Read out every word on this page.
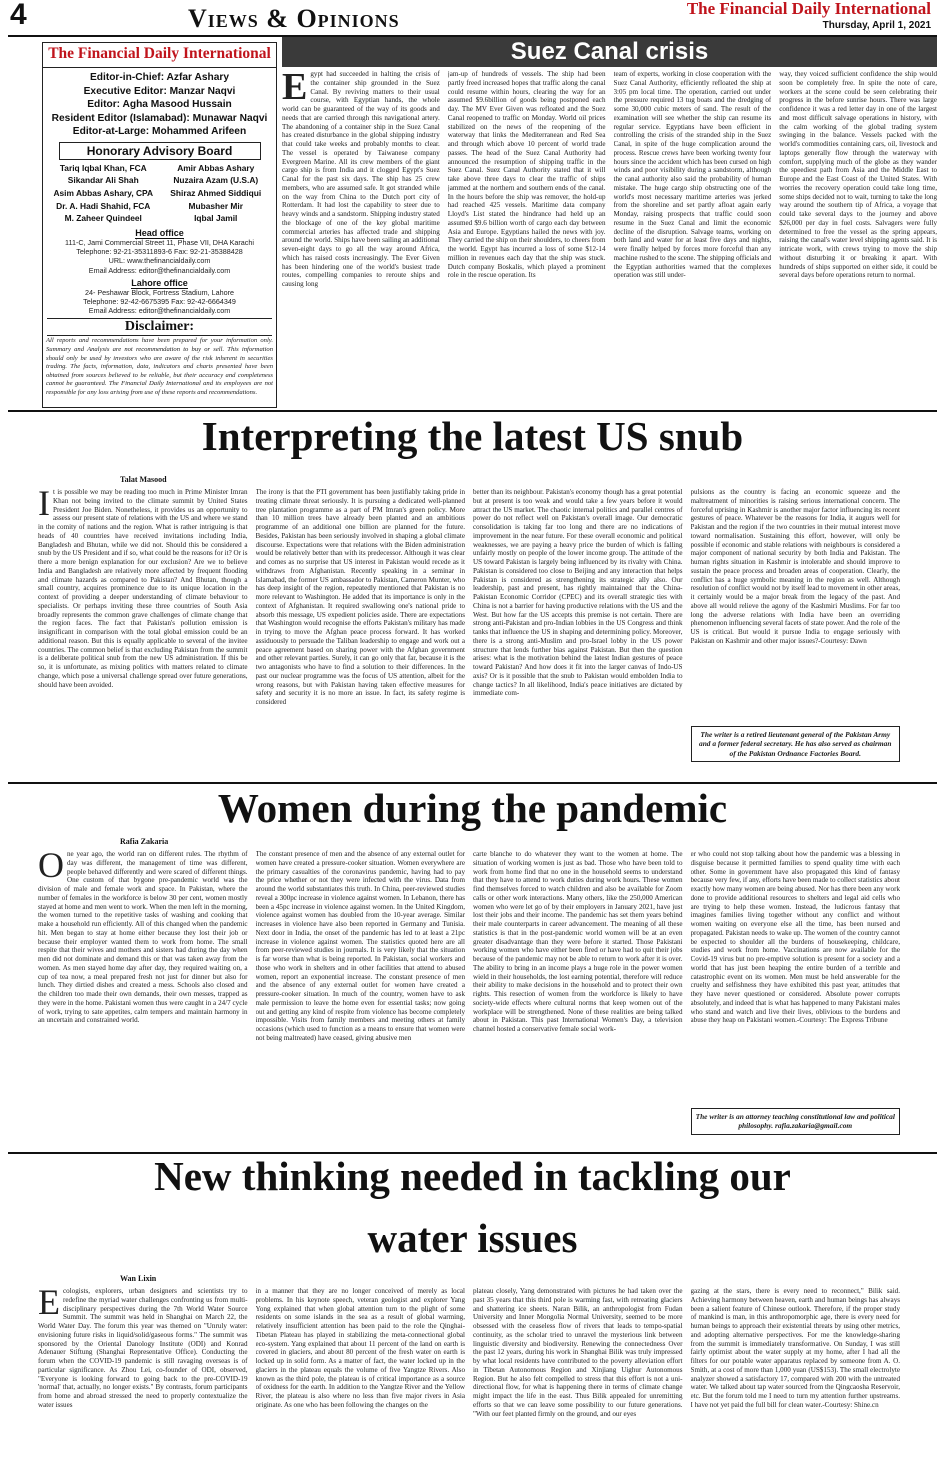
4	Views & Opinions	The Financial Daily International
Thursday, April 1, 2021
The Financial Daily International
Editor-in-Chief: Azfar Ashary
Executive Editor: Manzar Naqvi
Editor: Agha Masood Hussain
Resident Editor (Islamabad): Munawar Naqvi
Editor-at-Large: Mohammed Arifeen
Honorary Advisory Board
Tariq Iqbal Khan, FCA
Sikandar Ali Shah
Asim Abbas Ashary, CPA
Dr. A. Hadi Shahid, FCA
M. Zaheer Quindeel
Amir Abbas Ashary
Nuzaira Azam (U.S.A)
Shiraz Ahmed Siddiqui
Mubasher Mir
Iqbal Jamil
Head office
111-C, Jami Commercial Street 11, Phase VII, DHA Karachi
Telephone: 92-21-35311893-6 Fax: 92-21-35388428
URL: www.thefinancialdaily.com
Email Address: editor@thefinancialdaily.com
Lahore office
24- Peshawar Block, Fortress Stadium, Lahore
Telephone: 92-42-6675395 Fax: 92-42-6664349
Email Address: editor@thefinancialdaily.com
Disclaimer:
All reports and recommendations have been prepared for your information only. Summary and Analysis are not recommendation to buy or sell. This information should only be used by investors who are aware of the risk inherent in securities trading. The facts, information, data, indicators and charts presented have been obtained from sources believed to be reliable, but their accuracy and completeness cannot be guaranteed. The Financial Daily International and its employees are not responsible for any loss arising from use of these reports and recommendations.
Suez Canal crisis
Egypt had succeeded in halting the crisis of the container ship grounded in the Suez Canal. By reviving matters to their usual course, with Egyptian hands, the whole world can be guaranteed of the way of its goods and needs that are carried through this navigational artery. The abandoning of a container ship in the Suez Canal has created disturbance in the global shipping industry that could take weeks and probably months to clear. The vessel is operated by Taiwanese company Evergreen Marine. All its crew members of the giant cargo ship is from India and it clogged Egypt's Suez Canal for the past six days. The ship has 25 crew members, who are assumed safe. It got stranded while on the way from China to the Dutch port city of Rotterdam. It had lost the capability to steer due to heavy winds and a sandstorm. Shipping industry stated the blockage of one of the key global maritime commercial arteries has affected trade and shipping around the world. Ships have been sailing an additional seven-eight days to go all the way around Africa, which has raised costs increasingly. The Ever Given has been hindering one of the world's busiest trade routes, compelling companies to reroute ships and causing long
jam-up of hundreds of vessels. The ship had been partly freed increased hopes that traffic along the canal could resume within hours, clearing the way for an assumed $9.6billion of goods being postponed each day. The MV Ever Given was refloated and the Suez Canal reopened to traffic on Monday. World oil prices stabilized on the news of the reopening of the waterway that links the Mediterranean and Red Sea and through which above 10 percent of world trade passes. The head of the Suez Canal Authority had announced the resumption of shipping traffic in the Suez Canal. Suez Canal Authority stated that it will take above three days to clear the traffic of ships jammed at the northern and southern ends of the canal. In the hours before the ship was remover, the hold-up had reached 425 vessels. Maritime data company Lloyd's List stated the hindrance had held up an assumed $9.6 billion worth of cargo each day between Asia and Europe. Egyptians hailed the news with joy. They carried the ship on their shoulders, to cheers from the world. Egypt has incurred a loss of some $12-14 million in revenues each day that the ship was stuck. Dutch company Boskalis, which played a prominent role in the rescue operation. Its
team of experts, working in close cooperation with the Suez Canal Authority, efficiently refloated the ship at 3:05 pm local time. The operation, carried out under the pressure required 13 tug boats and the dredging of some 30,000 cubic meters of sand. The result of the examination will see whether the ship can resume its regular service. Egyptians have been efficient in controlling the crisis of the stranded ship in the Suez Canal, in spite of the huge complication around the process. Rescue crews have been working twenty four hours since the accident which has been cursed on high winds and poor visibility during a sandstorm, although the canal authority also said the probability of human mistake. The huge cargo ship obstructing one of the world's most necessary maritime arteries was jerked from the shoreline and set partly afloat again early Monday, raising prospects that traffic could soon resume in the Suez Canal and limit the economic decline of the disruption. Salvage teams, working on both land and water for at least five days and nights, were finally helped by forces more forceful than any machine rushed to the scene. The shipping officials and the Egyptian authorities warned that the complexes operation was still under-
way, they voiced sufficient confidence the ship would soon be completely free. In spite the note of care, workers at the scene could be seen celebrating their progress in the before sunrise hours. There was large confidence it was a red letter day in one of the largest and most difficult salvage operations in history, with the calm working of the global trading system swinging in the balance. Vessels packed with the world's commodities containing cars, oil, livestock and laptops generally flow through the waterway with comfort, supplying much of the globe as they wander the speediest path from Asia and the Middle East to Europe and the East Coast of the United States. With worries the recovery operation could take long time, some ships decided not to wait, turning to take the long way around the southern tip of Africa, a voyage that could take several days to the journey and above $26,000 per day in fuel costs. Salvagers were fully determined to free the vessel as the spring appears, raising the canal's water level shipping agents said. It is intricate work, with crews trying to move the ship without disturbing it or breaking it apart. With hundreds of ships supported on either side, it could be several days before operations return to normal.
Interpreting the latest US snub
Talat Masood
It is possible we may be reading too much in Prime Minister Imran Khan not being invited to the climate summit by United States President Joe Biden. Nonetheless, it provides us an opportunity to assess our present state of relations with the US and where we stand in the comity of nations and the region. What is rather intriguing is that heads of 40 countries have received invitations including India, Bangladesh and Bhutan, while we did not. Should this be considered a snub by the US President and if so, what could be the reasons for it? Or is there a more benign explanation for our exclusion? Are we to believe India and Bangladesh are relatively more affected by frequent flooding and climate hazards as compared to Pakistan? And Bhutan, though a small country, acquires prominence due to its unique location in the context of providing a deeper understanding of climate behaviour to specialists. Or perhaps inviting these three countries of South Asia broadly represents the common grave challenges of climate change that the region faces. The fact that Pakistan's pollution emission is insignificant in comparison with the total global emission could be an additional reason. But this is equally applicable to several of the invitee countries. The common belief is that excluding Pakistan from the summit is a deliberate political snub from the new US administration. If this be so, it is unfortunate, as mixing politics with matters related to climate change, which pose a universal challenge spread over future generations, should have been avoided.
The irony is that the PTI government has been justifiably taking pride in treating climate threat seriously. It is pursuing a dedicated well-planned tree plantation programme as a part of PM Imran's green policy. More than 10 million trees have already been planted and an ambitious programme of an additional one billion are planned for the future. Besides, Pakistan has been seriously involved in shaping a global climate discourse. Expectations were that relations with the Biden administration would be relatively better than with its predecessor. Although it was clear and comes as no surprise that US interest in Pakistan would recede as it withdraws from Afghanistan. Recently speaking in a seminar in Islamabad, the former US ambassador to Pakistan, Cameron Munter, who has deep insight of the region, repeatedly mentioned that Pakistan is no more relevant to Washington. He added that its importance is only in the context of Afghanistan. It required swallowing one's national pride to absorb this message, US expedient policies aside. There are expectations that Washington would recognise the efforts Pakistan's military has made in trying to move the Afghan peace process forward. It has worked assiduously to persuade the Taliban leadership to engage and work out a peace agreement based on sharing power with the Afghan government and other relevant parties. Surely, it can go only that far, because it is the two antagonists who have to find a solution to their differences. In the past our nuclear programme was the focus of US attention, albeit for the wrong reasons, but with Pakistan having taken effective measures for safety and security it is no more an issue. In fact, its safety regime is considered
better than its neighbour. Pakistan's economy though has a great potential but at present is too weak and would take a few years before it would attract the US market. The chaotic internal politics and parallel centres of power do not reflect well on Pakistan's overall image. Our democratic consolidation is taking far too long and there are no indications of improvement in the near future. For these overall economic and political weaknesses, we are paying a heavy price the burden of which is falling unfairly mostly on people of the lower income group. The attitude of the US toward Pakistan is largely being influenced by its rivalry with China. Pakistan is considered too close to Beijing and any interaction that helps Pakistan is considered as strengthening its strategic ally also. Our leadership, past and present, has rightly maintained that the China-Pakistan Economic Corridor (CPEC) and its overall strategic ties with China is not a barrier for having productive relations with the US and the West. But how far the US accepts this premise is not certain. There are strong anti-Pakistan and pro-Indian lobbies in the US Congress and think tanks that influence the US in shaping and determining policy. Moreover, there is a strong anti-Muslim and pro-Israel lobby in the US power structure that lends further bias against Pakistan. But then the question arises: what is the motivation behind the latest Indian gestures of peace toward Pakistan? And how does it fit into the larger canvas of Indo-US axis? Or is it possible that the snub to Pakistan would embolden India to change tactics? In all likelihood, India's peace initiatives are dictated by immediate com-
pulsions as the country is facing an economic squeeze and the maltreatment of minorities is raising serious international concern. The forceful uprising in Kashmir is another major factor influencing its recent gestures of peace. Whatever be the reasons for India, it augurs well for Pakistan and the region if the two countries in their mutual interest move toward normalisation. Sustaining this effort, however, will only be possible if economic and stable relations with neighbours is considered a major component of national security by both India and Pakistan. The human rights situation in Kashmir is intolerable and should improve to sustain the peace process and broaden areas of cooperation. Clearly, the conflict has a huge symbolic meaning in the region as well. Although resolution of conflict would not by itself lead to movement in other areas, it certainly would be a major break from the legacy of the past. And above all would relieve the agony of the Kashmiri Muslims. For far too long the adverse relations with India have been an overriding phenomenon influencing several facets of state power. And the role of the US is critical. But would it pursue India to engage seriously with Pakistan on Kashmir and other major issues?-Courtesy: Dawn
The writer is a retired lieutenant general of the Pakistan Army and a former federal secretary. He has also served as chairman of the Pakistan Ordnance Factories Board.
Women during the pandemic
Rafia Zakaria
One year ago, the world ran on different rules. The rhythm of day was different, the management of time was different, people behaved differently and were scared of different things. One custom of that bygone pre-pandemic world was the division of male and female work and space. In Pakistan, where the number of females in the workforce is below 30 per cent, women mostly stayed at home and men went to work. When the men left in the morning, the women turned to the repetitive tasks of washing and cooking that make a household run efficiently. All of this changed when the pandemic hit. Men began to stay at home either because they lost their job or because their employer wanted them to work from home. The small respite that their wives and mothers and sisters had during the day when men did not dominate and demand this or that was taken away from the women. As men stayed home day after day, they required waiting on, a cup of tea now, a meal prepared fresh not just for dinner but also for lunch. They dirtied dishes and created a mess. Schools also closed and the children too made their own demands, their own messes, trapped as they were in the home. Pakistani women thus were caught in a 24/7 cycle of work, trying to sate appetites, calm tempers and maintain harmony in an uncertain and constrained world.
The constant presence of men and the absence of any external outlet for women have created a pressure-cooker situation. Women everywhere are the primary casualties of the coronavirus pandemic, having had to pay the price whether or not they were infected with the virus. Data from around the world substantiates this truth. In China, peer-reviewed studies reveal a 300pc increase in violence against women. In Lebanon, there has been a 45pc increase in violence against women. In the United Kingdom, violence against women has doubled from the 10-year average. Similar increases in violence have also been reported in Germany and Tunisia. Next door in India, the onset of the pandemic has led to at least a 21pc increase in violence against women. The statistics quoted here are all from peer-reviewed studies in journals. It is very likely that the situation is far worse than what is being reported. In Pakistan, social workers and those who work in shelters and in other facilities that attend to abused women, report an exponential increase. The constant presence of men and the absence of any external outlet for women have created a pressure-cooker situation. In much of the country, women have to ask male permission to leave the home even for essential tasks; now going out and getting any kind of respite from violence has become completely impossible. Visits from family members and meeting others at family occasions (which used to function as a means to ensure that women were not being maltreated) have ceased, giving abusive men
carte blanche to do whatever they want to the women at home. The situation of working women is just as bad. Those who have been told to work from home find that no one in the household seems to understand that they have to attend to work duties during work hours. These women find themselves forced to watch children and also be available for Zoom calls or other work interactions. Many others, like the 250,000 American women who were let go of by their employers in January 2021, have just lost their jobs and their income. The pandemic has set them years behind their male counterparts in career advancement. The meaning of all these statistics is that in the post-pandemic world women will be at an even greater disadvantage than they were before it started. Those Pakistani working women who have either been fired or have had to quit their jobs because of the pandemic may not be able to return to work after it is over. The ability to bring in an income plays a huge role in the power women wield in their households, the lost earning potential, therefore will reduce their ability to make decisions in the household and to protect their own rights. This resection of women from the workforce is likely to have society-wide effects where cultural norms that keep women out of the workplace will be strengthened. None of these realities are being talked about in Pakistan. This past International Women's Day, a television channel hosted a conservative female social work-
er who could not stop talking about how the pandemic was a blessing in disguise because it permitted families to spend quality time with each other. Some in government have also propagated this kind of fantasy because very few, if any, efforts have been made to collect statistics about exactly how many women are being abused. Nor has there been any work done to provide additional resources to shelters and legal aid cells who are trying to help these women. Instead, the ludicrous fantasy that imagines families living together without any conflict and without women waiting on everyone else all the time, has been nursed and propagated. Pakistan needs to wake up. The women of the country cannot be expected to shoulder all the burdens of housekeeping, childcare, studies and work from home. Vaccinations are now available for the Covid-19 virus but no pre-emptive solution is present for a society and a world that has just been heaping the entire burden of a terrible and catastrophic event on its women. Men must be held answerable for the cruelty and selfishness they have exhibited this past year, attitudes that they have never questioned or considered. Absolute power corrupts absolutely, and indeed that is what has happened to many Pakistani males who stand and watch and live their lives, oblivious to the burdens and abuse they heap on Pakistani women.-Courtesy: The Express Tribune
The writer is an attorney teaching constitutional law and political philosophy. rafia.zakaria@gmail.com
New thinking needed in tackling our
water issues
Wan Lixin
Ecologists, explorers, urban designers and scientists try to redefine the myriad water challenges confronting us from multi-disciplinary perspectives during the 7th World Water Source Summit. The summit was held in Shanghai on March 22, the World Water Day. The forum this year was themed on "Unruly water: envisioning future risks in liquid/solid/gaseous forms." The summit was sponsored by the Oriental Danology Institute (ODI) and Konrad Adenauer Stiftung (Shanghai Representative Office). Conducting the forum when the COVID-19 pandemic is still ravaging overseas is of particular significance. As Zhou Lei, co-founder of ODI, observed, "Everyone is looking forward to going back to the pre-COVID-19 'normal' that, actually, no longer exists." By contrasts, forum participants from home and abroad stressed the need to properly contextualize the water issues
in a manner that they are no longer conceived of merely as local problems. In his keynote speech, veteran geologist and explorer Yang Yong explained that when global attention turn to the plight of some residents on some islands in the sea as a result of global warming, relatively insufficient attention has been paid to the role the Qinghai-Tibetan Plateau has played in stabilizing the meta-connectional global eco-system. Yang explained that about 11 percent of the land on earth is covered in glaciers, and about 80 percent of the fresh water on earth is locked up in solid form. As a matter of fact, the water locked up in the glaciers in the plateau equals the volume of five Yangtze Rivers. Also known as the third pole, the plateau is of critical importance as a source of oxidness for the earth. In addition to the Yangtze River and the Yellow River, the plateau is also where no less than five major rivers in Asia originate. As one who has been following the changes on the
plateau closely, Yang demonstrated with pictures he had taken over the past 35 years that this third pole is warming fast, with retreating glaciers and shattering ice sheets. Naran Bilik, an anthropologist from Fudan University and Inner Mongolia Normal University, seemed to be more obsessed with the ceaseless flow of rivers that leads to tempo-spatial continuity, as the scholar tried to unravel the mysterious link between linguistic diversity and biodiversity. Renewing the connectedness Over the past 12 years, during his work in Shanghai Bilik was truly impressed by what local residents have contributed to the poverty alleviation effort in Tibetan Autonomous Region and Xinjiang Uighur Autonomous Region. But he also felt compelled to stress that this effort is not a uni-directional flow, for what is happening there in terms of climate change might impact the life in the east. Thus Bilik appealed for unremitting efforts so that we can leave some possibility to our future generations. "With our feet planted firmly on the ground, and our eyes
gazing at the stars, there is every need to reconnect," Bilik said. Achieving harmony between heaven, earth and human beings has always been a salient feature of Chinese outlook. Therefore, if the proper study of mankind is man, in this anthropomorphic age, there is every need for human beings to approach their existential threats by using other metrics, and adopting alternative perspectives. For me the knowledge-sharing from the summit is immediately transformative. On Sunday, I was still fairly optimist about the water supply at my home, after I had all the filters for our potable water apparatus replaced by someone from A. O. Smith, at a cost of more than 1,000 yuan (US$153). The small electrolyte analyzer showed a satisfactory 17, compared with 200 with the untreated water. We talked about tap water sourced from the Qingcaosha Reservoir, etc. But the forum told me I need to turn my attention further upstreams. I have not yet paid the full bill for clean water.-Courtesy: Shine.cn
